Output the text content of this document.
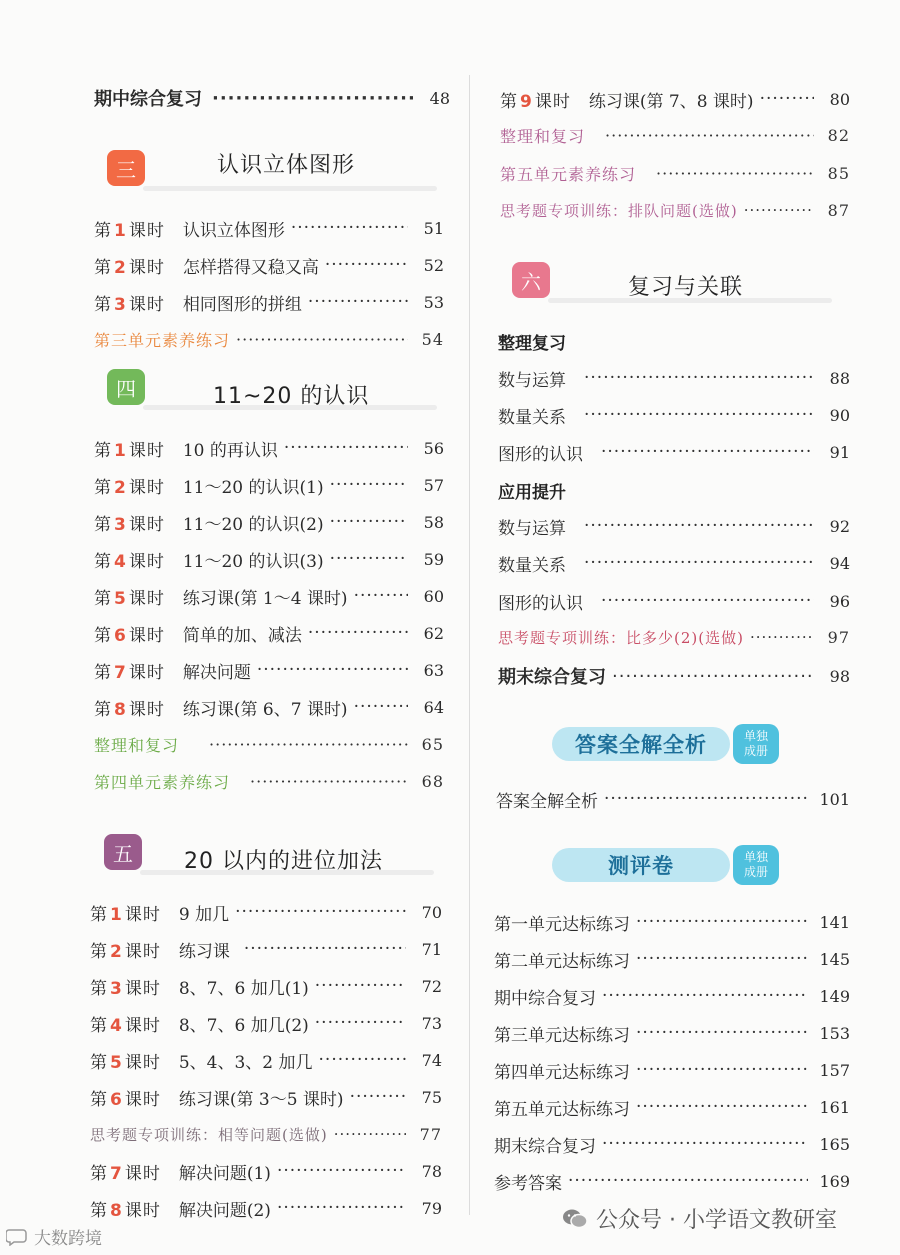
期中综合复习 ·····	48
三	认识立体图形
第 1 课时 认识立体图形 ·····	51
第 2 课时 怎样搭得又稳又高 ·····	52
第 3 课时 相同图形的拼组 ·····	53
第三单元素养练习 ·····	54
四	11~20 的认识
第 1 课时 10 的再认识 ·····	56
第 2 课时 11～20 的认识(1) ·····	57
第 3 课时 11～20 的认识(2) ·····	58
第 4 课时 11～20 的认识(3) ·····	59
第 5 课时 练习课(第 1～4 课时) ·····	60
第 6 课时 简单的加、减法 ·····	62
第 7 课时 解决问题 ·····	63
第 8 课时 练习课(第 6、7 课时) ·····	64
整理和复习 ·····	65
第四单元素养练习 ·····	68
五	20 以内的进位加法
第 1 课时 9 加几 ·····	70
第 2 课时 练习课 ·····	71
第 3 课时 8、7、6 加几(1) ·····	72
第 4 课时 8、7、6 加几(2) ·····	73
第 5 课时 5、4、3、2 加几 ·····	74
第 6 课时 练习课(第 3～5 课时) ·····	75
思考题专项训练：相等问题(选做) ·····	77
第 7 课时 解决问题(1) ·····	78
第 8 课时 解决问题(2) ·····	79
第 9 课时 练习课(第 7、8 课时) ·····	80
整理和复习 ·····	82
第五单元素养练习 ·····	85
思考题专项训练：排队问题(选做) ·····	87
六	复习与关联
整理复习
数与运算 ·····	88
数量关系 ·····	90
图形的认识 ·····	91
应用提升
数与运算 ·····	92
数量关系 ·····	94
图形的认识 ·····	96
思考题专项训练：比多少(2)(选做) ·····	97
期末综合复习 ·····	98
答案全解全析	单独
成册
答案全解全析 ·····	101
测评卷	单独
成册
第一单元达标练习 ·····	141
第二单元达标练习 ·····	145
期中综合复习 ·····	149
第三单元达标练习 ·····	153
第四单元达标练习 ·····	157
第五单元达标练习 ·····	161
期末综合复习 ·····	165
参考答案 ·····	169
公众号 · 小学语文教研室
大数跨境
